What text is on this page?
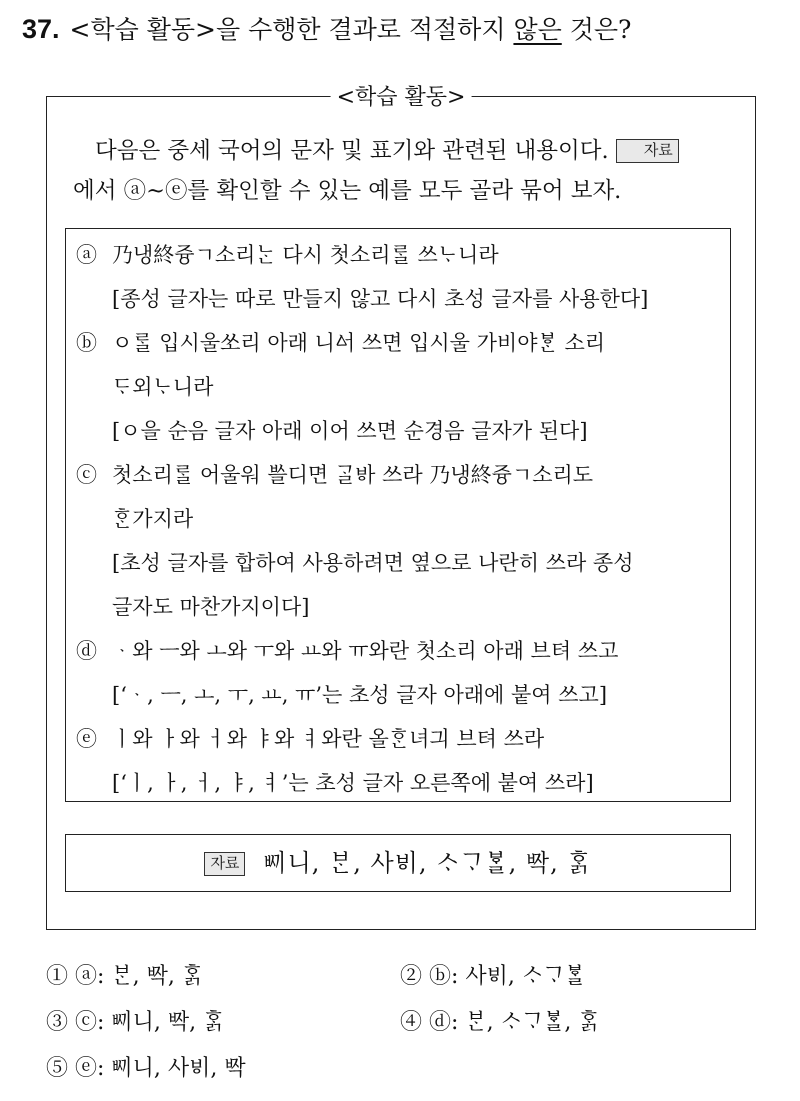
37. <학습 활동>을 수행한 결과로 적절하지 않은 것은?
<학습 활동>

다음은 중세 국어의 문자 및 표기와 관련된 내용이다. 자료

에서 ⓐ~ⓔ를 확인할 수 있는 예를 모두 골라 묶어 보자.

ⓐ 乃냉終즁ㄱ소리ᄂᆞᆫ 다시 첫소리ᄅᆞᆯ 쓰ᄂᆞ니라
[종성 글자는 따로 만들지 않고 다시 초성 글자를 사용한다]
ⓑ ㅇᄅᆞᆯ 입시울쏘리 아래 니ᅀᅥ 쓰면 입시울 가비야ᄫᆞᆫ 소리
ᄃᆞ외ᄂᆞ니라
[ㅇ을 순음 글자 아래 이어 쓰면 순경음 글자가 된다]
ⓒ 첫소리ᄅᆞᆯ 어울워 ᄡᅳᆯ디면 ᄀᆞᆯᄫᅡ 쓰라 乃냉終즁ㄱ소리도
ᄒᆞᆫ가지라
[초성 글자를 합하여 사용하려면 옆으로 나란히 쓰라 종성
글자도 마찬가지이다]
ⓓ ᆞ와 ㅡ와 ㅗ와 ㅜ와 ㅛ와 ㅠ와란 첫소리 아래 브텨 쓰고
[‘ᆞ, ㅡ, ㅗ, ㅜ, ㅛ, ㅠ’는 초성 글자 아래에 붙여 쓰고]
ⓔ ㅣ와 ㅏ와 ㅓ와 ㅑ와 ㅕ와란 올ᄒᆞᆫ녀긔 브텨 쓰라
[‘ㅣ, ㅏ, ㅓ, ㅑ, ㅕ’는 초성 글자 오른쪽에 붙여 쓰라]
자료 ᄢᅵ니, ᄇᆞᆫ, 사ᄫᅵ, ᄉᆞᄀᆞᄫᆞᆯ, ᄧᅡᆨ, ᄒᆞᆰ
① ⓐ: ᄇᆞᆫ, ᄧᅡᆨ, ᄒᆞᆰ	② ⓑ: 사ᄫᅵ, ᄉᆞᄀᆞᄫᆞᆯ
③ ⓒ: ᄢᅵ니, ᄧᅡᆨ, ᄒᆞᆰ	④ ⓓ: ᄇᆞᆫ, ᄉᆞᄀᆞᄫᆞᆯ, ᄒᆞᆰ
⑤ ⓔ: ᄢᅵ니, 사ᄫᅵ, ᄧᅡᆨ
